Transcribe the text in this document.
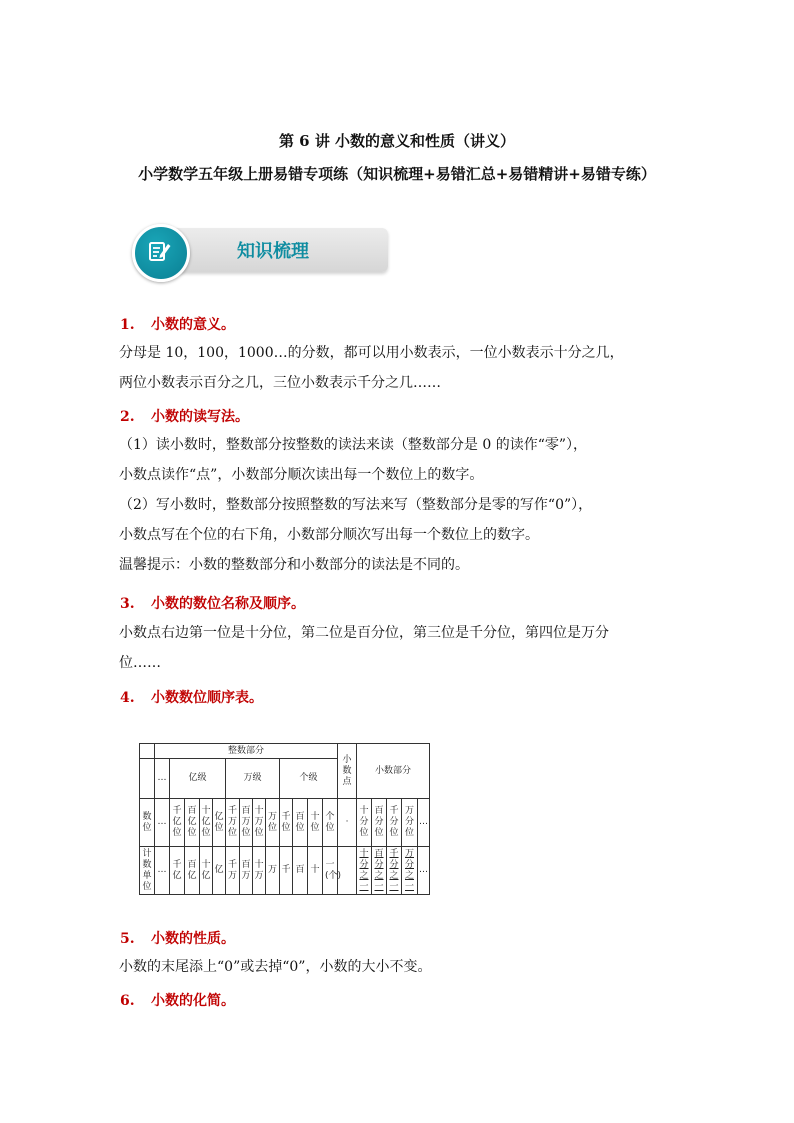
第 6 讲 小数的意义和性质（讲义）
小学数学五年级上册易错专项练（知识梳理+易错汇总+易错精讲+易错专练）
知识梳理
1. 小数的意义。
分母是 10，100，1000…的分数，都可以用小数表示，一位小数表示十分之几，
两位小数表示百分之几，三位小数表示千分之几……
2. 小数的读写法。
（1）读小数时，整数部分按整数的读法来读（整数部分是 0 的读作“零”），
小数点读作“点”，小数部分顺次读出每一个数位上的数字。
（2）写小数时，整数部分按照整数的写法来写（整数部分是零的写作“0”），
小数点写在个位的右下角，小数部分顺次写出每一个数位上的数字。
温馨提示：小数的整数部分和小数部分的读法是不同的。
3. 小数的数位名称及顺序。
小数点右边第一位是十分位，第二位是百分位，第三位是千分位，第四位是万分
位……
4. 小数数位顺序表。
	整数部分													小数点	小数部分				
	…	亿级				万级				个级									
数位	…	千亿位	百亿位	十亿位	亿位	千万位	百万位	十万位	万位	千位	百位	十位	个位	·	十分位	百分位	千分位	万分位	…
计数单位	…	千亿	百亿	十亿	亿	千万	百万	十万	万	千	百	十	一(个)		十分之一	百分之一	千分之一	万分之一	…
5. 小数的性质。
小数的末尾添上“0”或去掉“0”，小数的大小不变。
6. 小数的化简。
